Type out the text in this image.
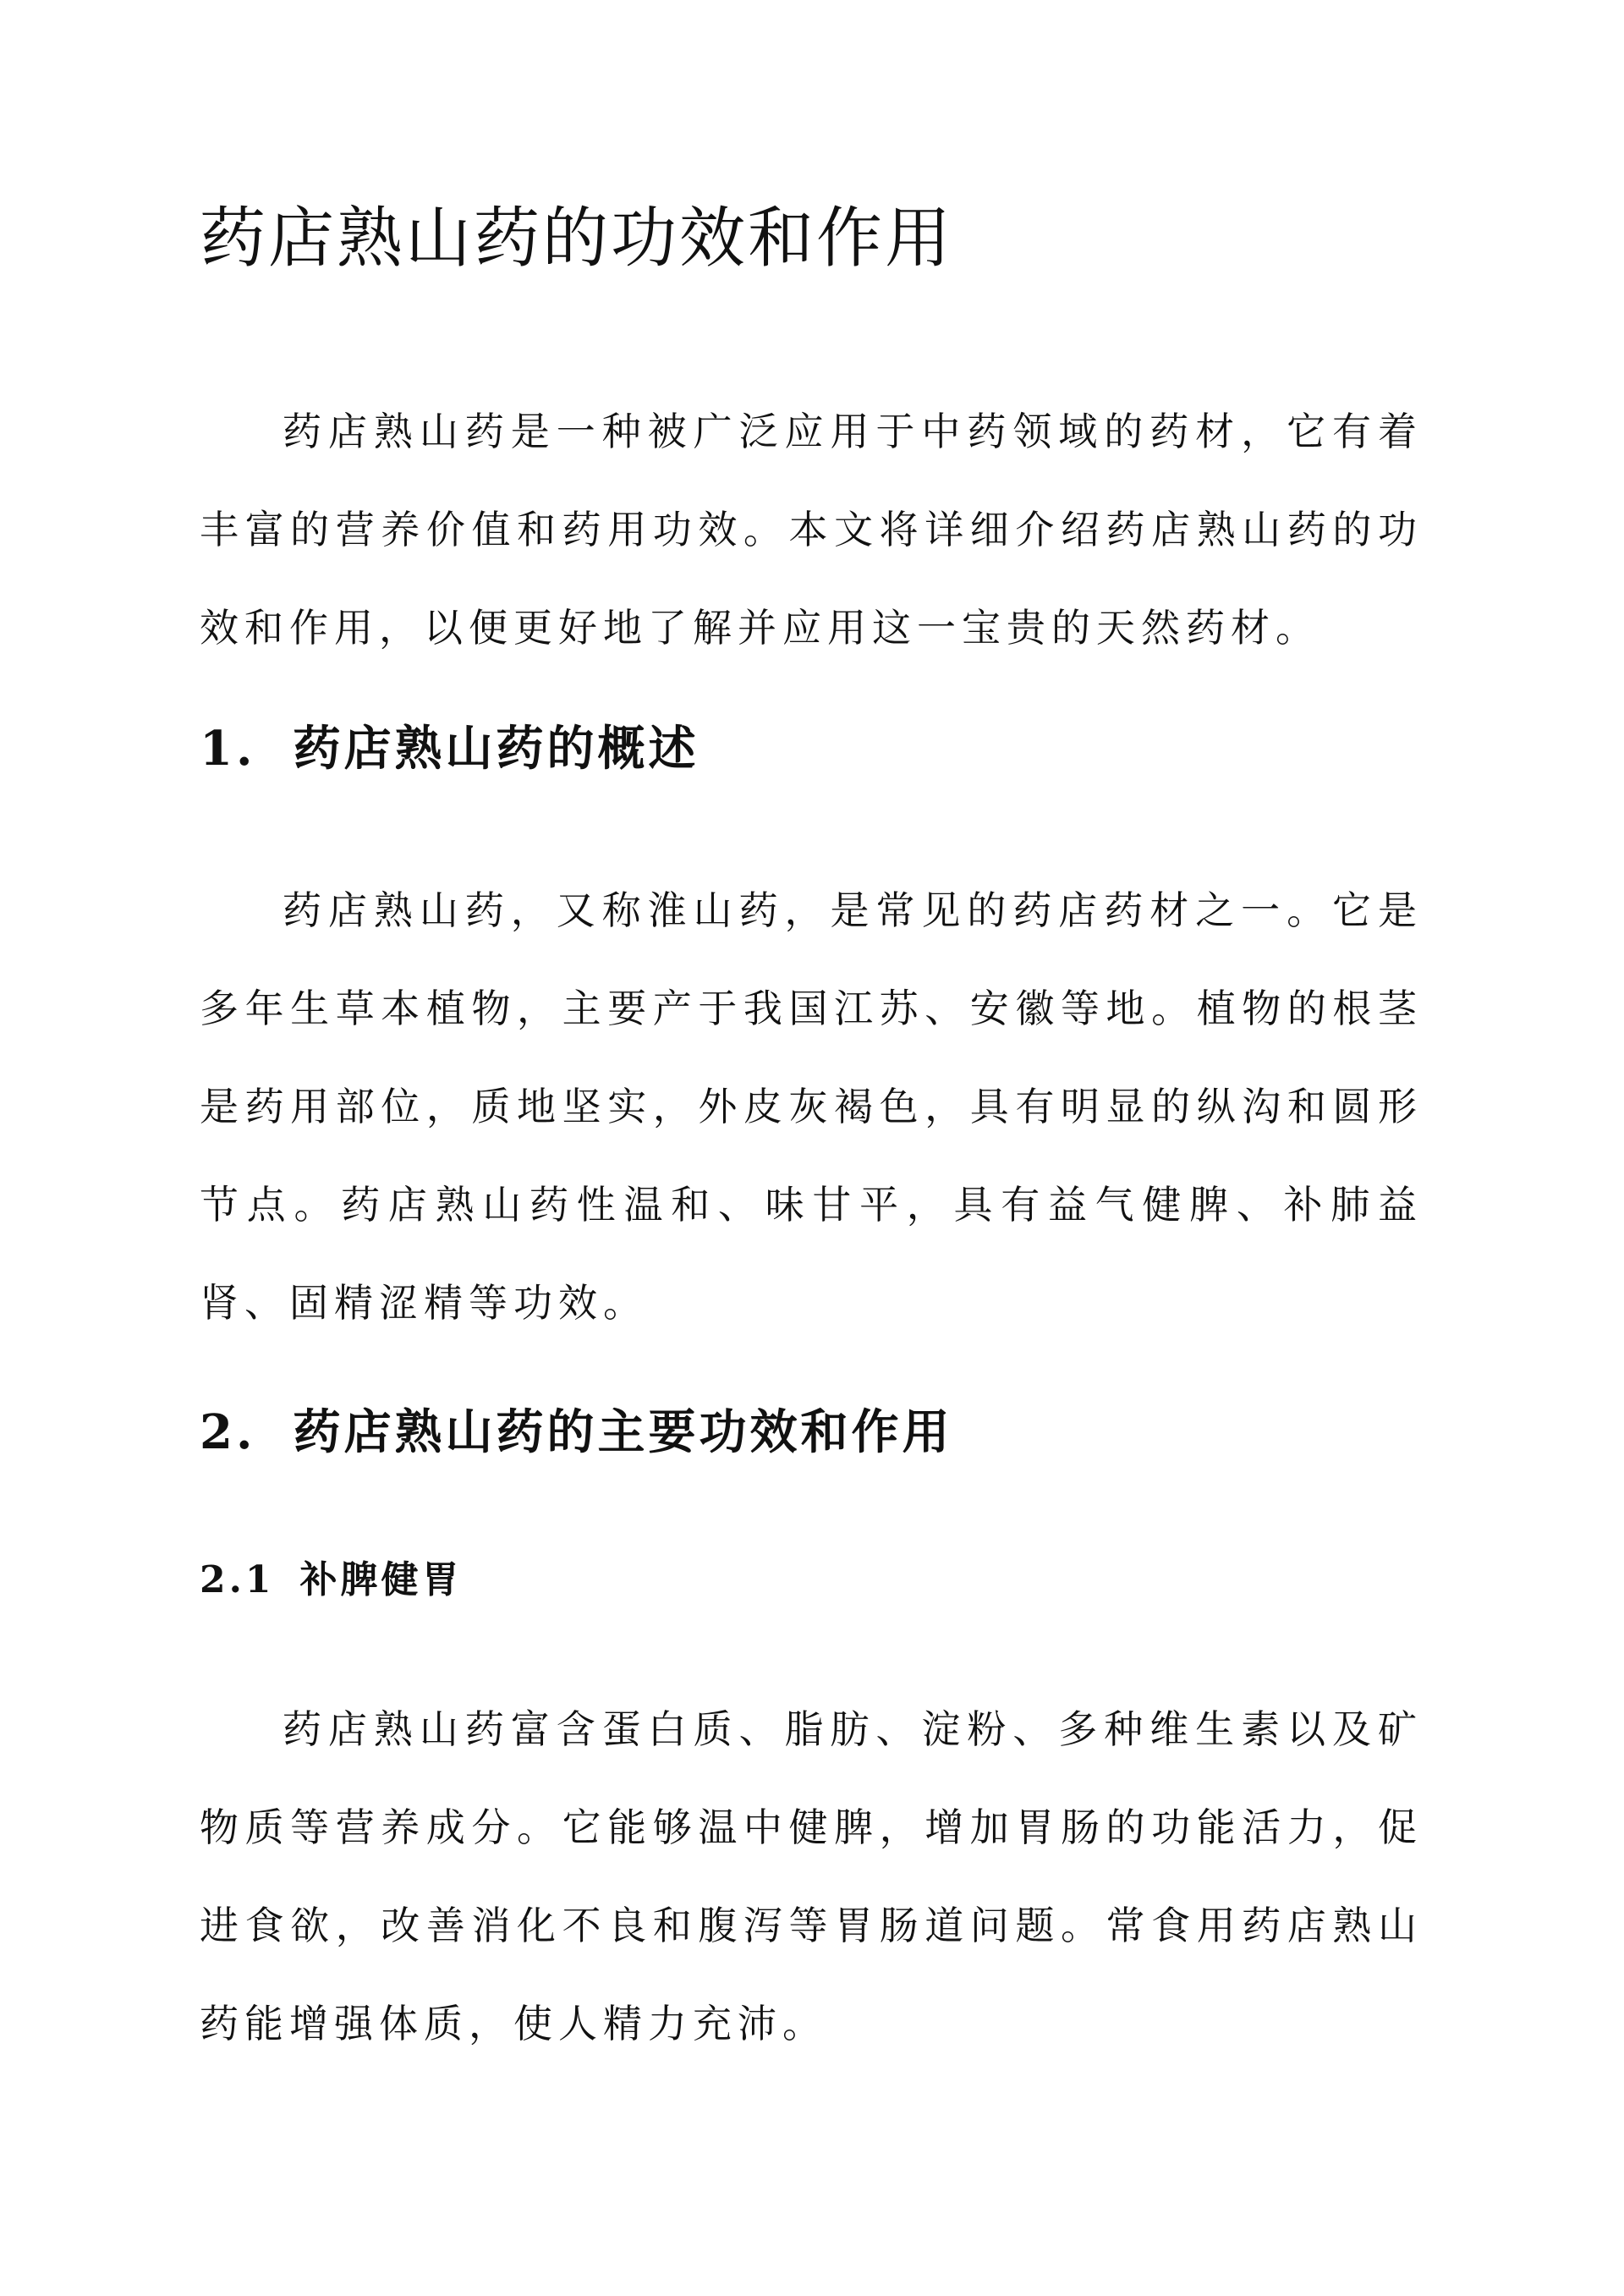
药店熟山药的功效和作用

药店熟山药是一种被广泛应用于中药领域的药材，它有着丰富的营养价值和药用功效。本文将详细介绍药店熟山药的功效和作用，以便更好地了解并应用这一宝贵的天然药材。

1. 药店熟山药的概述

药店熟山药，又称淮山药，是常见的药店药材之一。它是多年生草本植物，主要产于我国江苏、安徽等地。植物的根茎是药用部位，质地坚实，外皮灰褐色，具有明显的纵沟和圆形节点。药店熟山药性温和、味甘平，具有益气健脾、补肺益肾、固精涩精等功效。

2. 药店熟山药的主要功效和作用
2.1 补脾健胃

药店熟山药富含蛋白质、脂肪、淀粉、多种维生素以及矿物质等营养成分。它能够温中健脾，增加胃肠的功能活力，促进食欲，改善消化不良和腹泻等胃肠道问题。常食用药店熟山药能增强体质，使人精力充沛。
